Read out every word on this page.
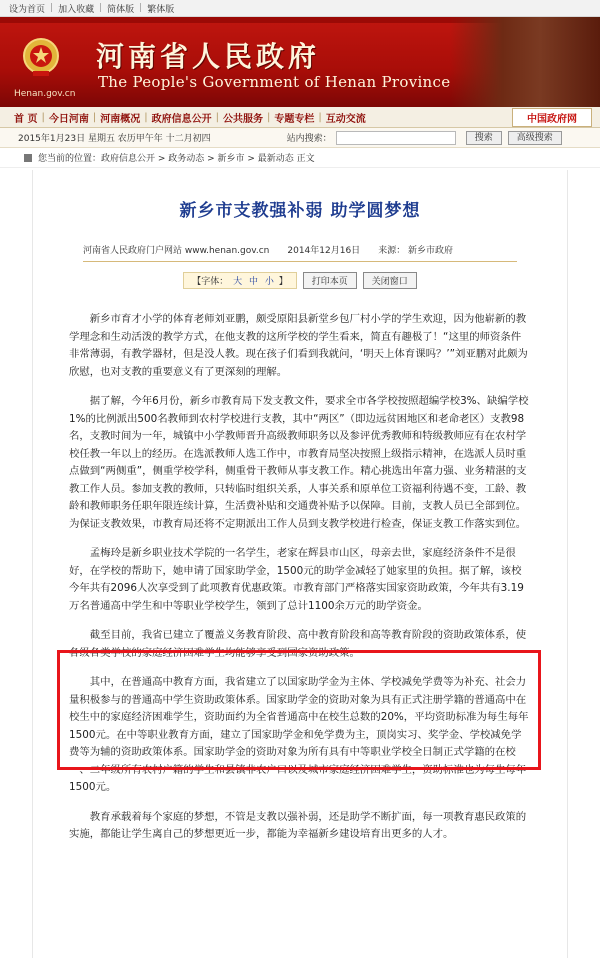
设为首页 | 加入收藏 | 简体版 | 繁体版
Henan.gov.cn
河南省人民政府
The People's Government of Henan Province
首 页 | 今日河南 | 河南概况 | 政府信息公开 | 公共服务 | 专题专栏 | 互动交流	中国政府网
2015年1月23日 星期五 农历甲午年 十二月初四	站内搜索：	搜索	高级搜索
您当前的位置： 政府信息公开 > 政务动态 > 新乡市 > 最新动态 正文
新乡市支教强补弱 助学圆梦想
河南省人民政府门户网站 www.henan.gov.cn 2014年12月16日 来源： 新乡市政府
【字体： 大 中 小 】	打印本页	关闭窗口

新乡市育才小学的体育老师刘亚鹏，颇受原阳县新堂乡包厂村小学的学生欢迎，因为他崭新的教学理念和生动活泼的教学方式，在他支教的这所学校的学生看来，简直有趣极了！“这里的师资条件非常薄弱，有教学器材，但是没人教。现在孩子们看到我就问，‘明天上体育课吗？’”刘亚鹏对此颇为欣慰，也对支教的重要意义有了更深刻的理解。

据了解，今年6月份，新乡市教育局下发支教文件，要求全市各学校按照超编学校3%、缺编学校1%的比例派出500名教师到农村学校进行支教，其中“两区”（即边远贫困地区和老命老区）支教98名，支教时间为一年，城镇中小学教师晋升高级教师职务以及参评优秀教师和特级教师应有在农村学校任教一年以上的经历。在选派教师人选工作中，市教育局坚决按照上级指示精神，在选派人员时重点做到“两侧重”，侧重学校学科，侧重骨干教师从事支教工作。精心挑选出年富力强、业务精湛的支教工作人员。参加支教的教师，只转临时组织关系，人事关系和原单位工资福利待遇不变，工龄、教龄和教师职务任职年限连续计算，生活费补贴和交通费补贴予以保障。目前，支教人员已全部到位。为保证支教效果，市教育局还将不定期派出工作人员到支教学校进行检查，保证支教工作落实到位。

孟梅玲是新乡职业技术学院的一名学生，老家在辉县市山区，母亲去世，家庭经济条件不是很好，在学校的帮助下，她申请了国家助学金，1500元的助学金减轻了她家里的负担。据了解，该校今年共有2096人次享受到了此项教育优惠政策。市教育部门严格落实国家资助政策，今年共有3.19万名普通高中学生和中等职业学校学生，领到了总计1100余万元的助学资金。

截至目前，我省已建立了覆盖义务教育阶段、高中教育阶段和高等教育阶段的资助政策体系，使各级各类学校的家庭经济困难学生均能够享受到国家资助政策。

其中，在普通高中教育方面，我省建立了以国家助学金为主体、学校减免学费等为补充、社会力量积极参与的普通高中学生资助政策体系。国家助学金的资助对象为具有正式注册学籍的普通高中在校生中的家庭经济困难学生，资助面约为全省普通高中在校生总数的20%，平均资助标准为每生每年1500元。在中等职业教育方面，建立了国家助学金和免学费为主，顶岗实习、奖学金、学校减免学费等为辅的资助政策体系。国家助学金的资助对象为所有具有中等职业学校全日制正式学籍的在校一、二年级所有农村户籍的学生和县镇非农户口以及城市家庭经济困难学生，资助标准也为每生每年1500元。

教育承载着每个家庭的梦想，不管是支教以强补弱，还是助学不断扩面，每一项教育惠民政策的实施，都能让学生离自己的梦想更近一步，都能为幸福新乡建设培育出更多的人才。
